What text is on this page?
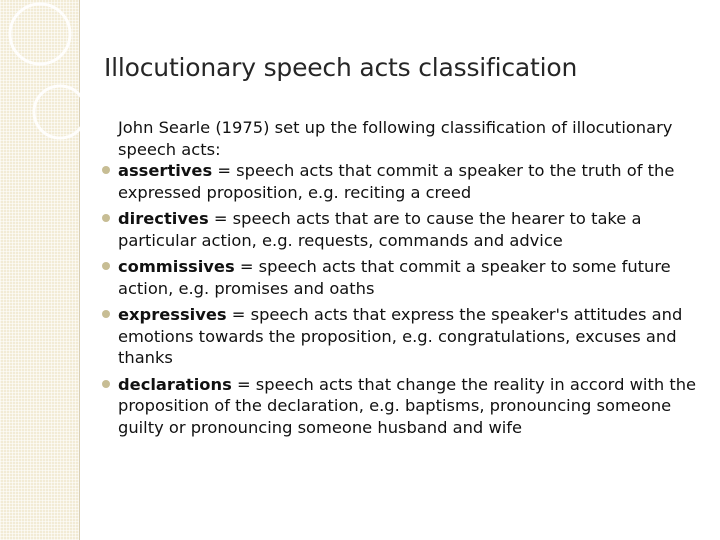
Illocutionary speech acts classification

John Searle (1975) set up the following classification of illocutionary speech acts:

assertives = speech acts that commit a speaker to the truth of the expressed proposition, e.g. reciting a creed
directives = speech acts that are to cause the hearer to take a particular action, e.g. requests, commands and advice
commissives = speech acts that commit a speaker to some future action, e.g. promises and oaths
expressives = speech acts that express the speaker's attitudes and emotions towards the proposition, e.g. congratulations, excuses and thanks
declarations = speech acts that change the reality in accord with the proposition of the declaration, e.g. baptisms, pronouncing someone guilty or pronouncing someone husband and wife
